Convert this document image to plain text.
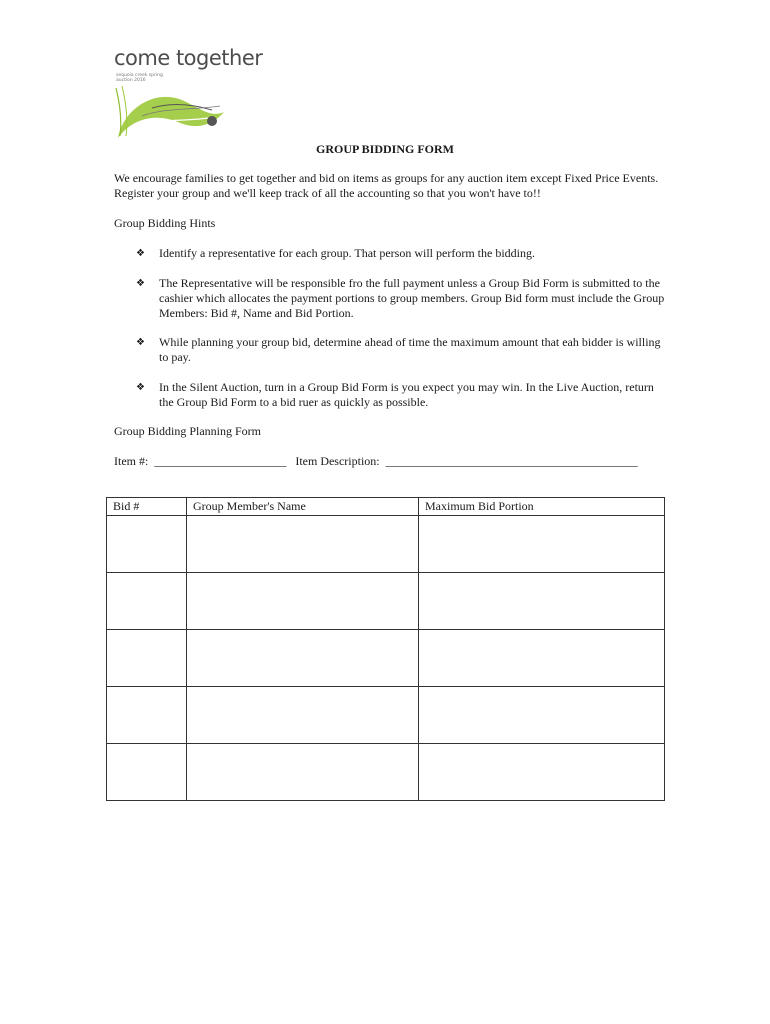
come together
sequoia creek spring auction 2016
GROUP BIDDING FORM
We encourage families to get together and bid on items as groups for any auction item except Fixed Price Events. Register your group and we'll keep track of all the accounting so that you won't have to!!
Group Bidding Hints
❖ Identify a representative for each group. That person will perform the bidding.
❖ The Representative will be responsible fro the full payment unless a Group Bid Form is submitted to the cashier which allocates the payment portions to group members. Group Bid form must include the Group Members: Bid #, Name and Bid Portion.
❖ While planning your group bid, determine ahead of time the maximum amount that eah bidder is willing to pay.
❖ In the Silent Auction, turn in a Group Bid Form is you expect you may win. In the Live Auction, return the Group Bid Form to a bid ruer as quickly as possible.
Group Bidding Planning Form
Item #:  ______________________   Item Description:  __________________________________________
Bid #	Group Member's Name	Maximum Bid Portion
